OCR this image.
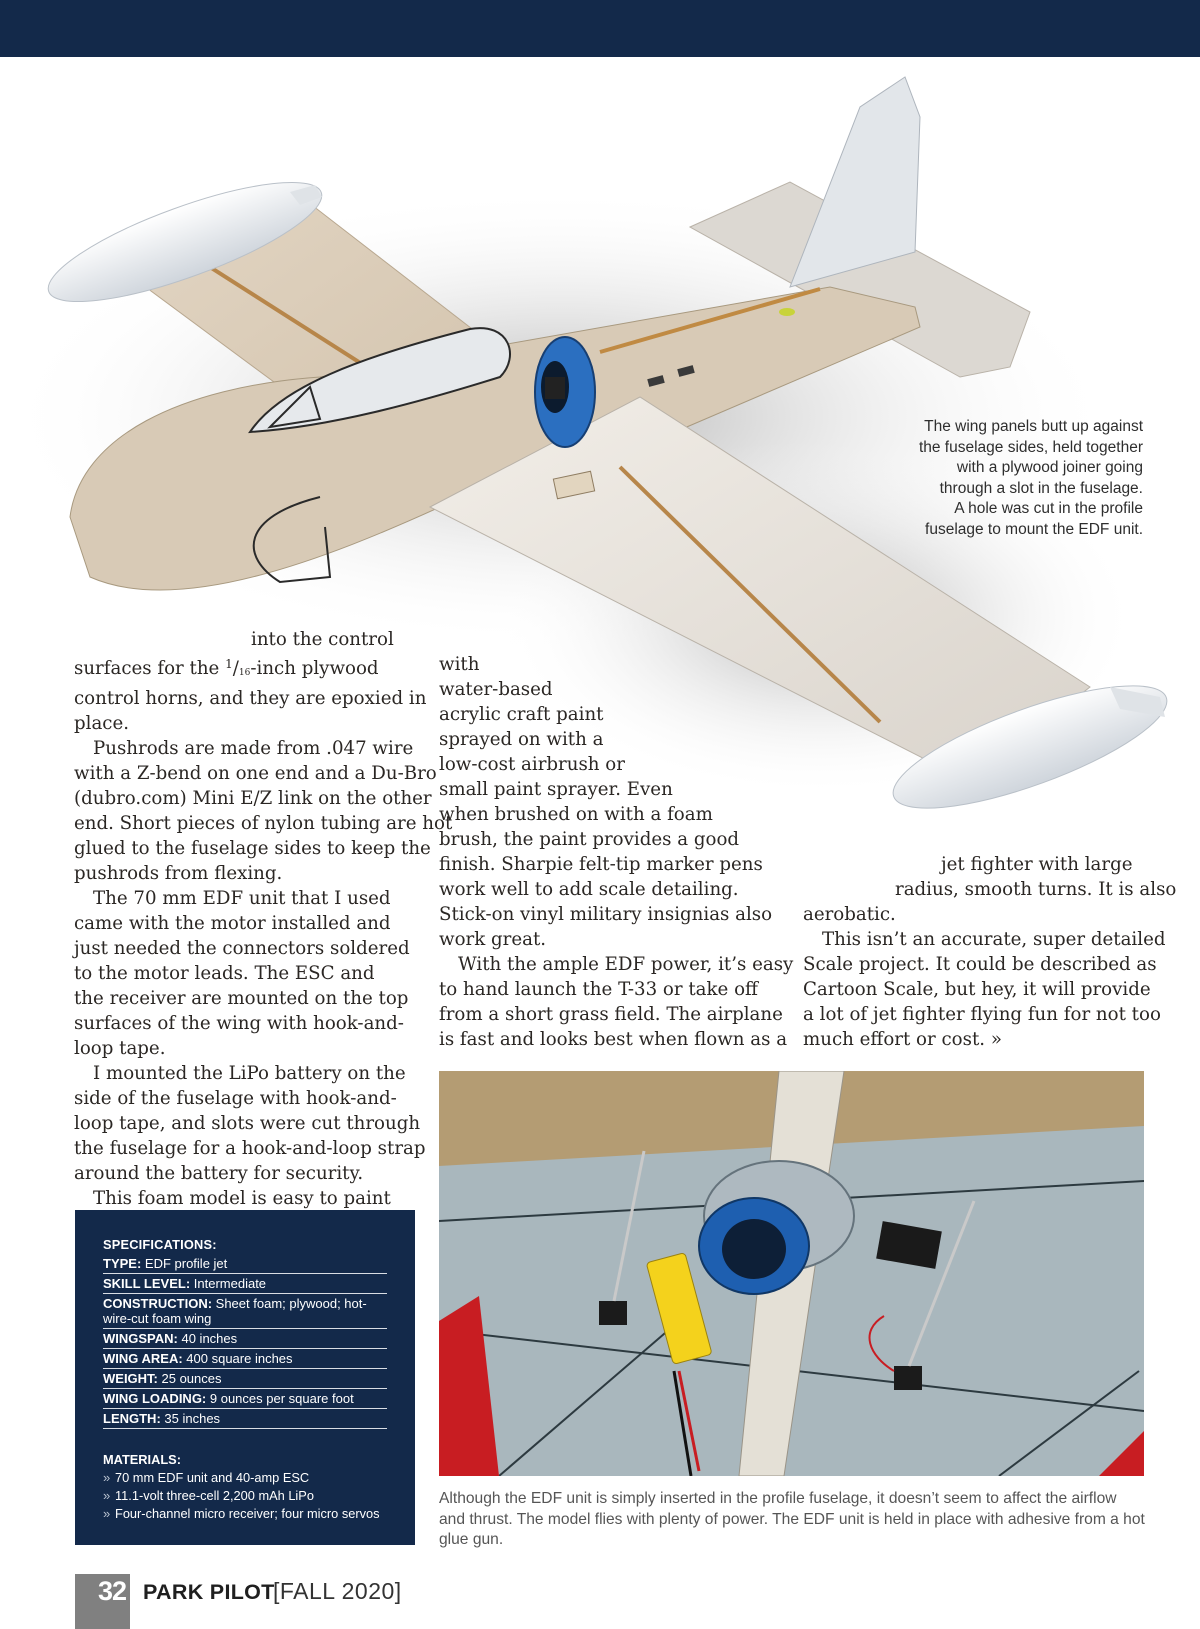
The wing panels butt up against
the fuselage sides, held together
with a plywood joiner going
through a slot in the fuselage.
A hole was cut in the profile
fuselage to mount the EDF unit.

into the control
surfaces for the $^1/_{16}$-inch plywood
control horns, and they are epoxied in
place.

Pushrods are made from .047 wire
with a Z-bend on one end and a Du-Bro
(dubro.com) Mini E/Z link on the other
end. Short pieces of nylon tubing are hot
glued to the fuselage sides to keep the
pushrods from flexing.

The 70 mm EDF unit that I used
came with the motor installed and
just needed the connectors soldered
to the motor leads. The ESC and
the receiver are mounted on the top
surfaces of the wing with hook-and-
loop tape.

I mounted the LiPo battery on the
side of the fuselage with hook-and-
loop tape, and slots were cut through
the fuselage for a hook-and-loop strap
around the battery for security.

This foam model is easy to paint

with
water-based
acrylic craft paint
sprayed on with a
low-cost airbrush or
small paint sprayer. Even
when brushed on with a foam
brush, the paint provides a good
finish. Sharpie felt-tip marker pens
work well to add scale detailing.
Stick-on vinyl military insignias also
work great.

With the ample EDF power, it’s easy
to hand launch the T-33 or take off
from a short grass field. The airplane
is fast and looks best when flown as a

jet fighter with large
radius, smooth turns. It is also
aerobatic.

This isn’t an accurate, super detailed
Scale project. It could be described as
Cartoon Scale, but hey, it will provide
a lot of jet fighter flying fun for not too
much effort or cost. »

SPECIFICATIONS:
TYPE: EDF profile jet
SKILL LEVEL: Intermediate
CONSTRUCTION: Sheet foam; plywood; hot-wire-cut foam wing
WINGSPAN: 40 inches
WING AREA: 400 square inches
WEIGHT: 25 ounces
WING LOADING: 9 ounces per square foot
LENGTH: 35 inches
MATERIALS:
» 70 mm EDF unit and 40-amp ESC
» 11.1-volt three-cell 2,200 mAh LiPo
» Four-channel micro receiver; four micro servos
Although the EDF unit is simply inserted in the profile fuselage, it doesn’t seem to affect the airflow and thrust. The model flies with plenty of power. The EDF unit is held in place with adhesive from a hot glue gun.
32 PARK PILOT
[FALL 2020]
